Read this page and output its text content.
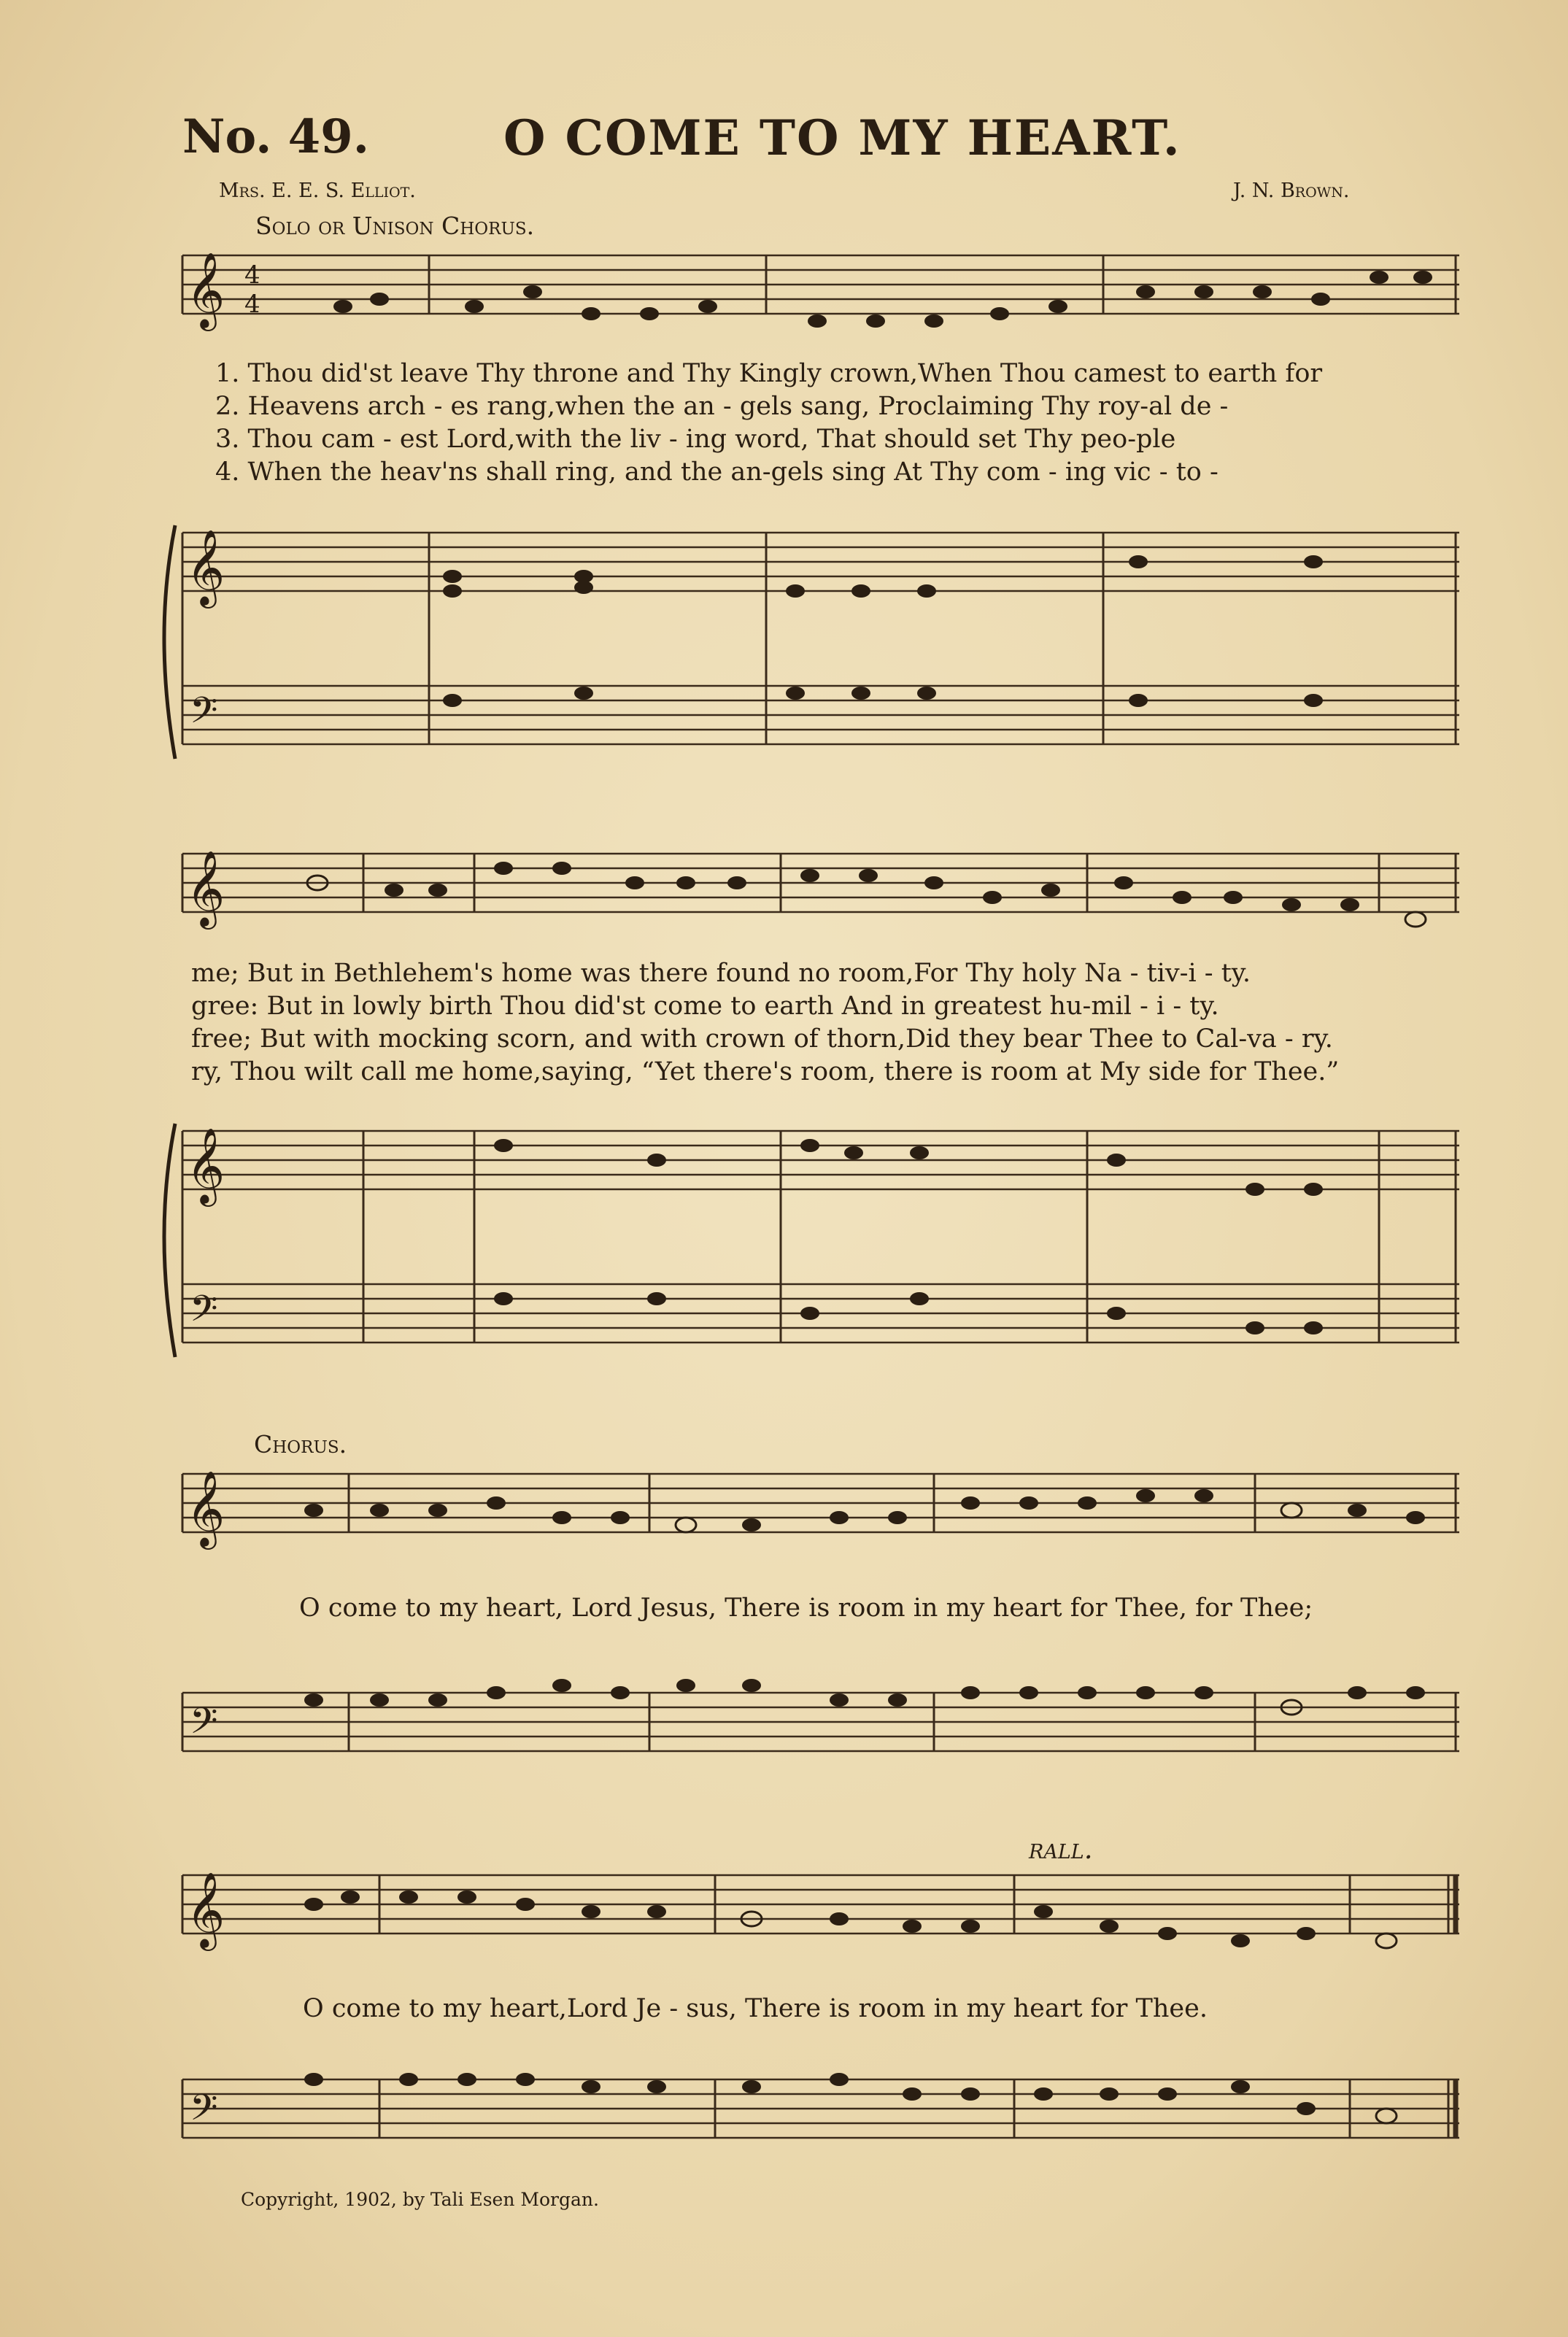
No. 49.	O COME TO MY HEART.
Mrs. E. E. S. Elliot.	J. N. Brown.
Solo or Unison Chorus.
𝄞 4
4
1. Thou did'st leave Thy throne and Thy Kingly crown,When Thou camest to earth for
2. Heavens arch - es rang,when the an - gels sang, Proclaiming Thy roy-al de -
3. Thou cam - est Lord,with the liv - ing word, That should set Thy peo-ple
4. When the heav'ns shall ring, and the an-gels sing At Thy com - ing vic - to -
𝄞
𝄢
𝄞
me; But in Bethlehem's home was there found no room,For Thy holy Na - tiv-i - ty.
gree: But in lowly birth Thou did'st come to earth And in greatest hu-mil - i - ty.
free; But with mocking scorn, and with crown of thorn,Did they bear Thee to Cal-va - ry.
ry, Thou wilt call me home,saying, “Yet there's room, there is room at My side for Thee.”
𝄞
𝄢
Chorus.
𝄞
O come to my heart, Lord Jesus, There is room in my heart for Thee, for Thee;
𝄢
rall.
𝄞
O come to my heart,Lord Je - sus, There is room in my heart for Thee.
𝄢
Copyright, 1902, by Tali Esen Morgan.
